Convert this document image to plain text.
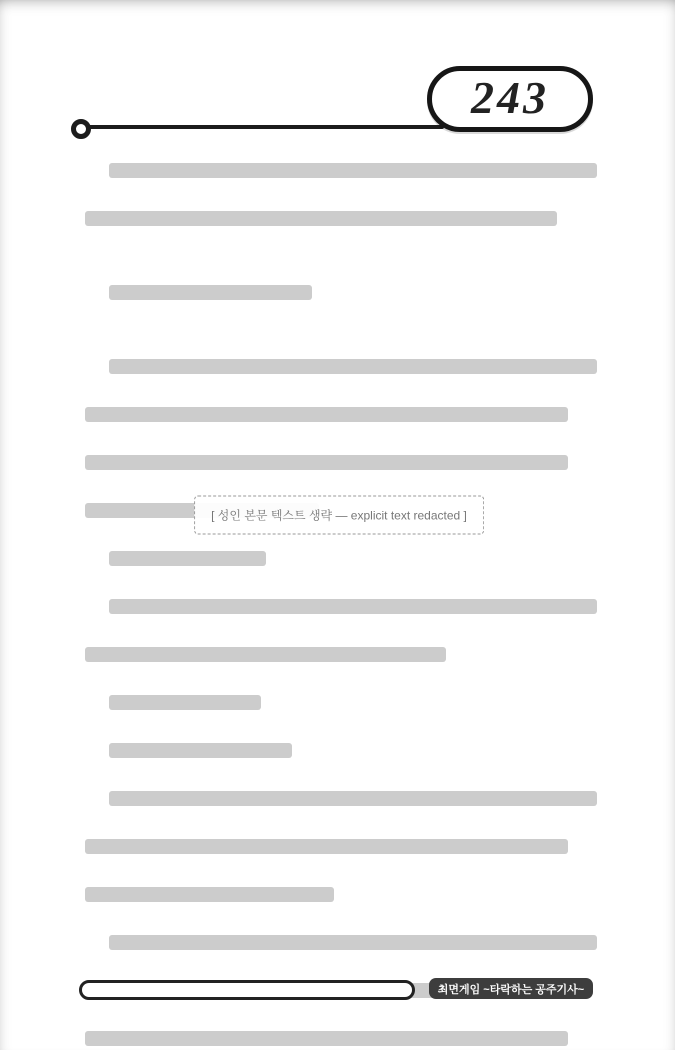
243
[ 성인 본문 텍스트 생략 — explicit text redacted ]
최면게임 ~타락하는 공주기사~
